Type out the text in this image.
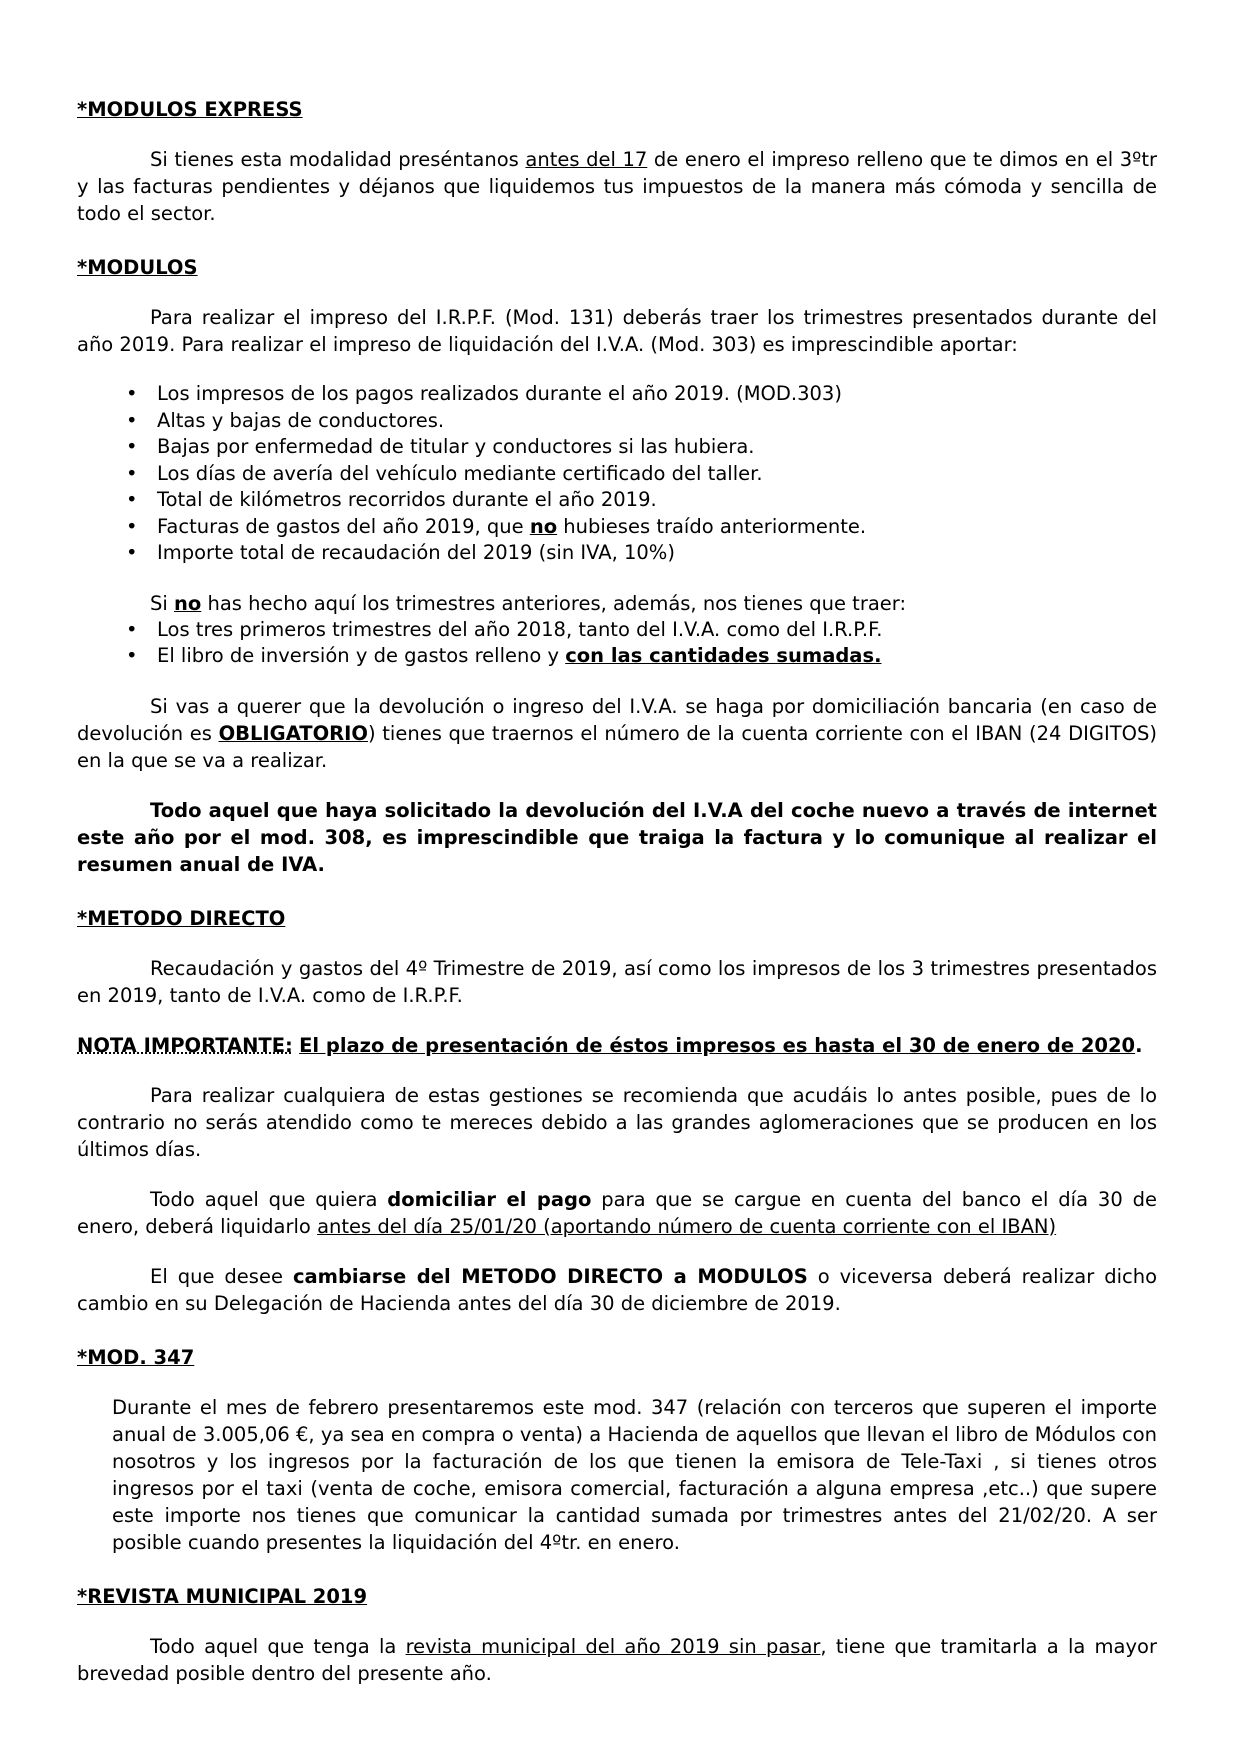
*MODULOS EXPRESS

Si tienes esta modalidad preséntanos antes del 17 de enero el impreso relleno que te dimos en el 3ºtr y las facturas pendientes y déjanos que liquidemos tus impuestos de la manera más cómoda y sencilla de todo el sector.

*MODULOS

Para realizar el impreso del I.R.P.F. (Mod. 131) deberás traer los trimestres presentados durante del año 2019. Para realizar el impreso de liquidación del I.V.A. (Mod. 303) es imprescindible aportar:

• Los impresos de los pagos realizados durante el año 2019. (MOD.303)
• Altas y bajas de conductores.
• Bajas por enfermedad de titular y conductores si las hubiera.
• Los días de avería del vehículo mediante certificado del taller.
• Total de kilómetros recorridos durante el año 2019.
• Facturas de gastos del año 2019, que no hubieses traído anteriormente.
• Importe total de recaudación del 2019 (sin IVA, 10%)

Si no has hecho aquí los trimestres anteriores, además, nos tienes que traer:

• Los tres primeros trimestres del año 2018, tanto del I.V.A. como del I.R.P.F.
• El libro de inversión y de gastos relleno y con las cantidades sumadas.

Si vas a querer que la devolución o ingreso del I.V.A. se haga por domiciliación bancaria (en caso de devolución es OBLIGATORIO) tienes que traernos el número de la cuenta corriente con el IBAN (24 DIGITOS) en la que se va a realizar.

Todo aquel que haya solicitado la devolución del I.V.A del coche nuevo a través de internet este año por el mod. 308, es imprescindible que traiga la factura y lo comunique al realizar el resumen anual de IVA.

*METODO DIRECTO

Recaudación y gastos del 4º Trimestre de 2019, así como los impresos de los 3 trimestres presentados en 2019, tanto de I.V.A. como de I.R.P.F.

NOTA IMPORTANTE: El plazo de presentación de éstos impresos es hasta el 30 de enero de 2020.

Para realizar cualquiera de estas gestiones se recomienda que acudáis lo antes posible, pues de lo contrario no serás atendido como te mereces debido a las grandes aglomeraciones que se producen en los últimos días.

Todo aquel que quiera domiciliar el pago para que se cargue en cuenta del banco el día 30 de enero, deberá liquidarlo antes del día 25/01/20 (aportando número de cuenta corriente con el IBAN)

El que desee cambiarse del METODO DIRECTO a MODULOS o viceversa deberá realizar dicho cambio en su Delegación de Hacienda antes del día 30 de diciembre de 2019.

*MOD. 347

Durante el mes de febrero presentaremos este mod. 347 (relación con terceros que superen el importe anual de 3.005,06 €, ya sea en compra o venta) a Hacienda de aquellos que llevan el libro de Módulos con nosotros y los ingresos por la facturación de los que tienen la emisora de Tele-Taxi , si tienes otros ingresos por el taxi (venta de coche, emisora comercial, facturación a alguna empresa ,etc..) que supere este importe nos tienes que comunicar la cantidad sumada por trimestres antes del 21/02/20. A ser posible cuando presentes la liquidación del 4ºtr. en enero.

*REVISTA MUNICIPAL 2019

Todo aquel que tenga la revista municipal del año 2019 sin pasar, tiene que tramitarla a la mayor brevedad posible dentro del presente año.
